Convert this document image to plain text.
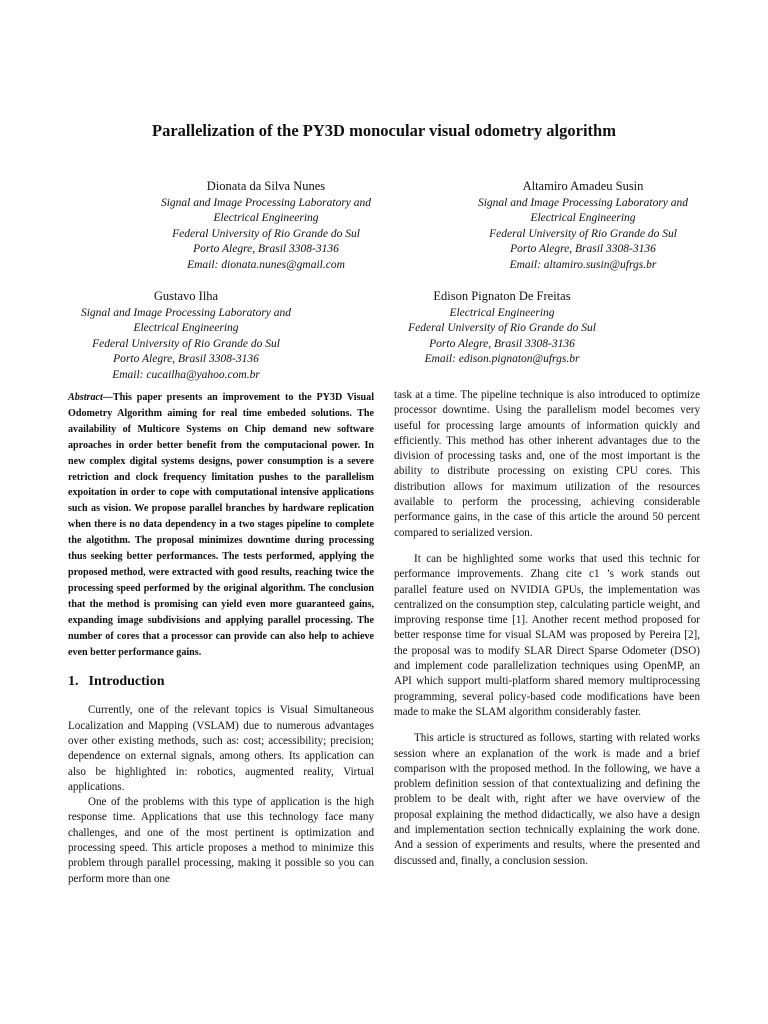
Parallelization of the PY3D monocular visual odometry algorithm
Dionata da Silva Nunes
Signal and Image Processing Laboratory and
Electrical Engineering
Federal University of Rio Grande do Sul
Porto Alegre, Brasil 3308-3136
Email: dionata.nunes@gmail.com
Altamiro Amadeu Susin
Signal and Image Processing Laboratory and
Electrical Engineering
Federal University of Rio Grande do Sul
Porto Alegre, Brasil 3308-3136
Email: altamiro.susin@ufrgs.br
Gustavo Ilha
Signal and Image Processing Laboratory and
Electrical Engineering
Federal University of Rio Grande do Sul
Porto Alegre, Brasil 3308-3136
Email: cucailha@yahoo.com.br
Edison Pignaton De Freitas
Electrical Engineering
Federal University of Rio Grande do Sul
Porto Alegre, Brasil 3308-3136
Email: edison.pignaton@ufrgs.br

Abstract—This paper presents an improvement to the PY3D Visual Odometry Algorithm aiming for real time embeded solutions. The availability of Multicore Systems on Chip demand new software aproaches in order better benefit from the computacional power. In new complex digital systems designs, power consumption is a severe retriction and clock frequency limitation pushes to the parallelism expoitation in order to cope with computational intensive applications such as vision. We propose parallel branches by hardware replication when there is no data dependency in a two stages pipeline to complete the algotithm. The proposal minimizes downtime during processing thus seeking better performances. The tests performed, applying the proposed method, were extracted with good results, reaching twice the processing speed performed by the original algorithm. The conclusion that the method is promising can yield even more guaranteed gains, expanding image subdivisions and applying parallel processing. The number of cores that a processor can provide can also help to achieve even better performance gains.

1. Introduction

Currently, one of the relevant topics is Visual Simultaneous Localization and Mapping (VSLAM) due to numerous advantages over other existing methods, such as: cost; accessibility; precision; dependence on external signals, among others. Its application can also be highlighted in: robotics, augmented reality, Virtual applications.

One of the problems with this type of application is the high response time. Applications that use this technology face many challenges, and one of the most pertinent is optimization and processing speed. This article proposes a method to minimize this problem through parallel processing, making it possible so you can perform more than one

task at a time. The pipeline technique is also introduced to optimize processor downtime. Using the parallelism model becomes very useful for processing large amounts of information quickly and efficiently. This method has other inherent advantages due to the division of processing tasks and, one of the most important is the ability to distribute processing on existing CPU cores. This distribution allows for maximum utilization of the resources available to perform the processing, achieving considerable performance gains, in the case of this article the around 50 percent compared to serialized version.

It can be highlighted some works that used this technic for performance improvements. Zhang cite c1 ’s work stands out parallel feature used on NVIDIA GPUs, the implementation was centralized on the consumption step, calculating particle weight, and improving response time [1]. Another recent method proposed for better response time for visual SLAM was proposed by Pereira [2], the proposal was to modify SLAR Direct Sparse Odometer (DSO) and implement code parallelization techniques using OpenMP, an API which support multi-platform shared memory multiprocessing programming, several policy-based code modifications have been made to make the SLAM algorithm considerably faster.

This article is structured as follows, starting with related works session where an explanation of the work is made and a brief comparison with the proposed method. In the following, we have a problem definition session of that contextualizing and defining the problem to be dealt with, right after we have overview of the proposal explaining the method didactically, we also have a design and implementation section technically explaining the work done. And a session of experiments and results, where the presented and discussed and, finally, a conclusion session.
